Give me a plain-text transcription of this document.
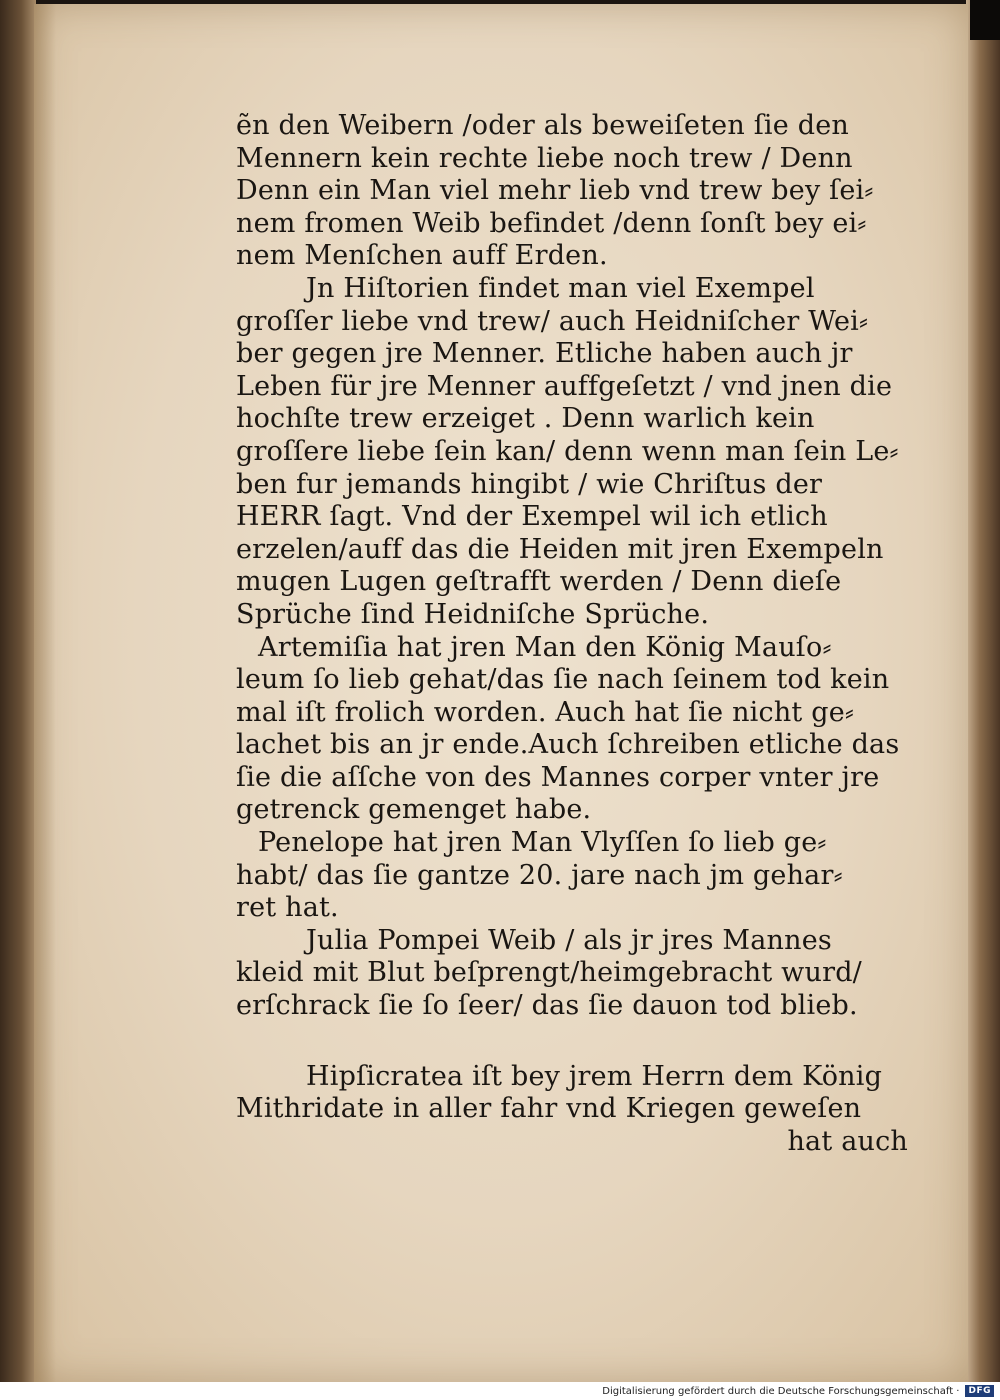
ẽn den Weibern /oder als beweiſeten ſie den
Mennern kein rechte liebe noch trew / Denn
Denn ein Man viel mehr lieb vnd trew bey ſei⸗
nem fromen Weib befindet /denn ſonſt bey ei⸗
nem Menſchen auff Erden.
Jn Hiſtorien findet man viel Exempel
groſſer liebe vnd trew/ auch Heidniſcher Wei⸗
ber gegen jre Menner. Etliche haben auch jr
Leben für jre Menner auffgeſetzt / vnd jnen die
hochſte trew erzeiget . Denn warlich kein
groſſere liebe ſein kan/ denn wenn man ſein Le⸗
ben fur jemands hingibt / wie Chriſtus der
HERR ſagt. Vnd der Exempel wil ich etlich
erzelen/auff das die Heiden mit jren Exempeln
mugen Lugen geſtrafft werden / Denn dieſe
Sprüche ſind Heidniſche Sprüche.
Artemiſia hat jren Man den König Mauſo⸗
leum ſo lieb gehat/das ſie nach ſeinem tod kein
mal iſt frolich worden. Auch hat ſie nicht ge⸗
lachet bis an jr ende.Auch ſchreiben etliche das
ſie die aſſche von des Mannes corper vnter jre
getrenck gemenget habe.
Penelope hat jren Man Vlyſſen ſo lieb ge⸗
habt/ das ſie gantze 20. jare nach jm gehar⸗
ret hat.
Julia Pompei Weib / als jr jres Mannes
kleid mit Blut beſprengt/heimgebracht wurd/
erſchrack ſie ſo ſeer/ das ſie dauon tod blieb.
Hipſicratea iſt bey jrem Herrn dem König
Mithridate in aller fahr vnd Kriegen geweſen
hat auch
Digitalisierung gefördert durch die Deutsche Forschungsgemeinschaft ·	DFG
